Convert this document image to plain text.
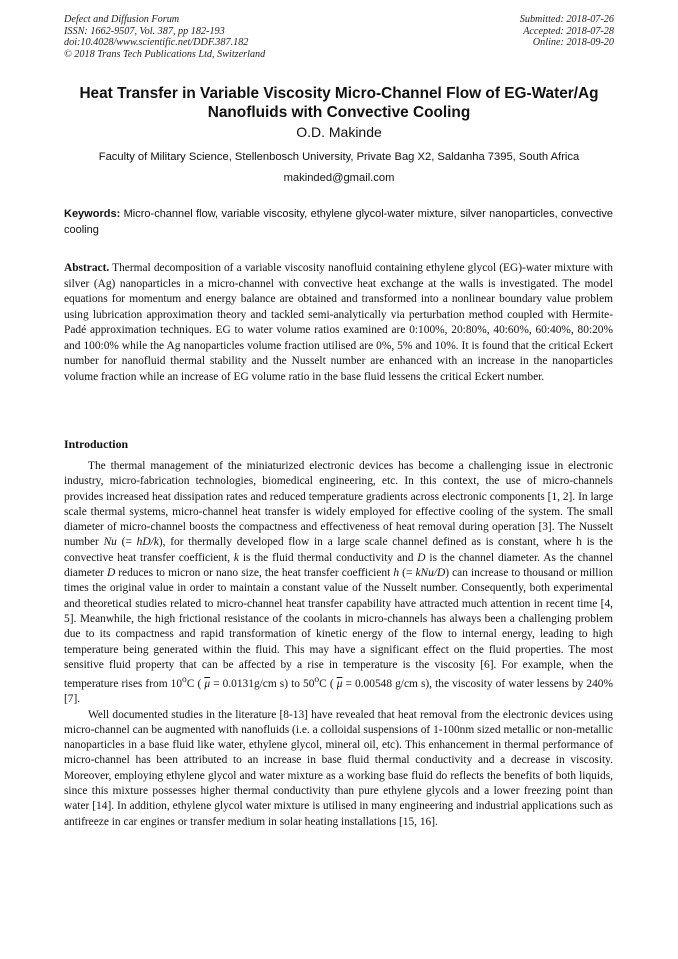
Defect and Diffusion Forum
ISSN: 1662-9507, Vol. 387, pp 182-193
doi:10.4028/www.scientific.net/DDF.387.182
© 2018 Trans Tech Publications Ltd, Switzerland
Submitted: 2018-07-26
Accepted: 2018-07-28
Online: 2018-09-20
Heat Transfer in Variable Viscosity Micro-Channel Flow of EG-Water/Ag Nanofluids with Convective Cooling
O.D. Makinde
Faculty of Military Science, Stellenbosch University, Private Bag X2, Saldanha 7395, South Africa
makinded@gmail.com
Keywords: Micro-channel flow, variable viscosity, ethylene glycol-water mixture, silver nanoparticles, convective cooling
Abstract. Thermal decomposition of a variable viscosity nanofluid containing ethylene glycol (EG)-water mixture with silver (Ag) nanoparticles in a micro-channel with convective heat exchange at the walls is investigated. The model equations for momentum and energy balance are obtained and transformed into a nonlinear boundary value problem using lubrication approximation theory and tackled semi-analytically via perturbation method coupled with Hermite-Padé approximation techniques. EG to water volume ratios examined are 0:100%, 20:80%, 40:60%, 60:40%, 80:20% and 100:0% while the Ag nanoparticles volume fraction utilised are 0%, 5% and 10%. It is found that the critical Eckert number for nanofluid thermal stability and the Nusselt number are enhanced with an increase in the nanoparticles volume fraction while an increase of EG volume ratio in the base fluid lessens the critical Eckert number.
Introduction

The thermal management of the miniaturized electronic devices has become a challenging issue in electronic industry, micro-fabrication technologies, biomedical engineering, etc. In this context, the use of micro-channels provides increased heat dissipation rates and reduced temperature gradients across electronic components [1, 2]. In large scale thermal systems, micro-channel heat transfer is widely employed for effective cooling of the system. The small diameter of micro-channel boosts the compactness and effectiveness of heat removal during operation [3]. The Nusselt number Nu (= hD/k), for thermally developed flow in a large scale channel defined as is constant, where h is the convective heat transfer coefficient, k is the fluid thermal conductivity and D is the channel diameter. As the channel diameter D reduces to micron or nano size, the heat transfer coefficient h (= kNu/D) can increase to thousand or million times the original value in order to maintain a constant value of the Nusselt number. Consequently, both experimental and theoretical studies related to micro-channel heat transfer capability have attracted much attention in recent time [4, 5]. Meanwhile, the high frictional resistance of the coolants in micro-channels has always been a challenging problem due to its compactness and rapid transformation of kinetic energy of the flow to internal energy, leading to high temperature being generated within the fluid. This may have a significant effect on the fluid properties. The most sensitive fluid property that can be affected by a rise in temperature is the viscosity [6]. For example, when the temperature rises from 10$^o$C ( $\overline{\mu} = 0.0131g/cm$ s) to 50$^o$C ( $\overline{\mu} = 0.00548$ g/cm s), the viscosity of water lessens by 240% [7].

Well documented studies in the literature [8-13] have revealed that heat removal from the electronic devices using micro-channel can be augmented with nanofluids (i.e. a colloidal suspensions of 1-100nm sized metallic or non-metallic nanoparticles in a base fluid like water, ethylene glycol, mineral oil, etc). This enhancement in thermal performance of micro-channel has been attributed to an increase in base fluid thermal conductivity and a decrease in viscosity. Moreover, employing ethylene glycol and water mixture as a working base fluid do reflects the benefits of both liquids, since this mixture possesses higher thermal conductivity than pure ethylene glycols and a lower freezing point than water [14]. In addition, ethylene glycol water mixture is utilised in many engineering and industrial applications such as antifreeze in car engines or transfer medium in solar heating installations [15, 16].
